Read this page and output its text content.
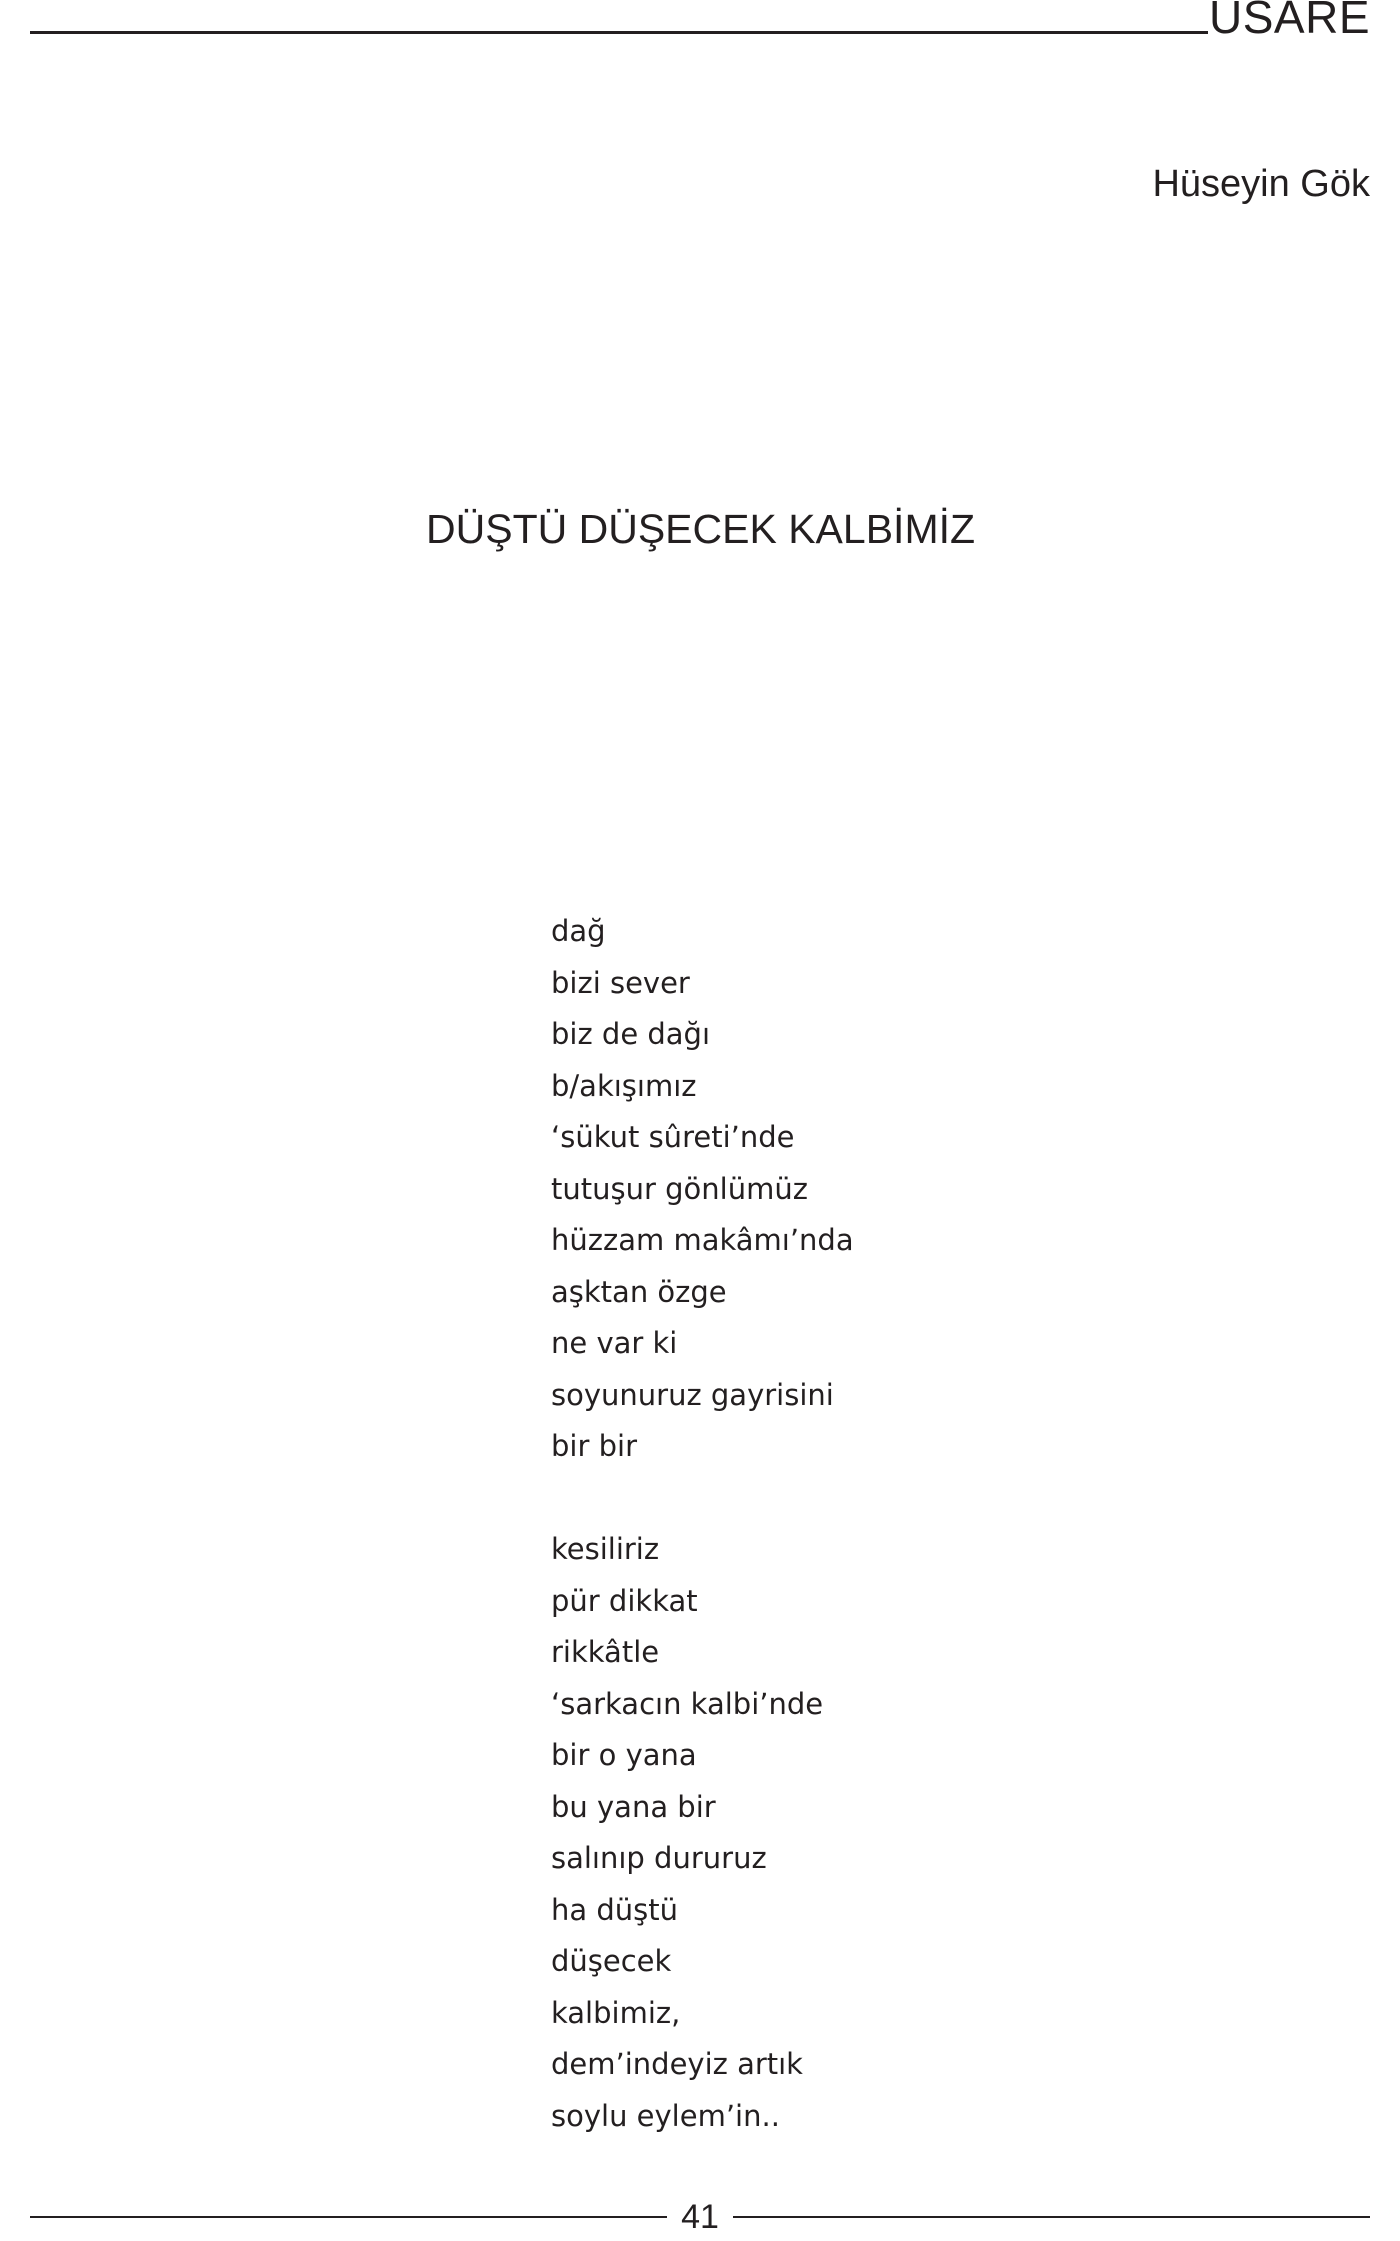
USARE
Hüseyin Gök
DÜŞTÜ DÜŞECEK KALBİMİZ
dağ
bizi sever
biz de dağı
b/akışımız
‘sükut sûreti’nde
tutuşur gönlümüz
hüzzam makâmı’nda
aşktan özge
ne var ki
soyunuruz gayrisini
bir bir
kesiliriz
pür dikkat
rikkâtle
‘sarkacın kalbi’nde
bir o yana
bu yana bir
salınıp dururuz
ha düştü
düşecek
kalbimiz,
dem’indeyiz artık
soylu eylem’in..
41
